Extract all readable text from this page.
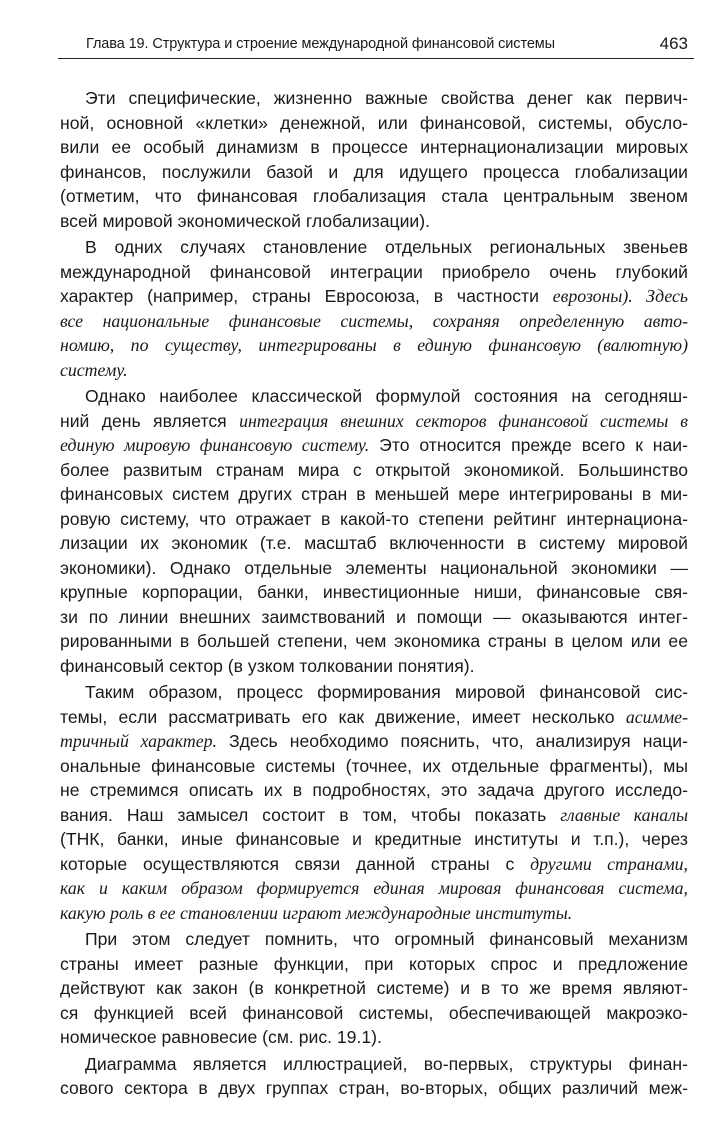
Глава 19. Структура и строение международной финансовой системы	463
Эти специфические, жизненно важные свойства денег как первич-
ной, основной «клетки» денежной, или финансовой, системы, обусло-
вили ее особый динамизм в процессе интернационализации мировых
финансов, послужили базой и для идущего процесса глобализации
(отметим, что финансовая глобализация стала центральным звеном
всей мировой экономической глобализации).
В одних случаях становление отдельных региональных звеньев
международной финансовой интеграции приобрело очень глубокий
характер (например, страны Евросоюза, в частности еврозоны). Здесь
все национальные финансовые системы, сохраняя определенную авто-
номию, по существу, интегрированы в единую финансовую (валютную)
систему.
Однако наиболее классической формулой состояния на сегодняш-
ний день является интеграция внешних секторов финансовой системы в
единую мировую финансовую систему. Это относится прежде всего к наи-
более развитым странам мира с открытой экономикой. Большинство
финансовых систем других стран в меньшей мере интегрированы в ми-
ровую систему, что отражает в какой-то степени рейтинг интернациона-
лизации их экономик (т.е. масштаб включенности в систему мировой
экономики). Однако отдельные элементы национальной экономики —
крупные корпорации, банки, инвестиционные ниши, финансовые свя-
зи по линии внешних заимствований и помощи — оказываются интег-
рированными в большей степени, чем экономика страны в целом или ее
финансовый сектор (в узком толковании понятия).
Таким образом, процесс формирования мировой финансовой сис-
темы, если рассматривать его как движение, имеет несколько асимме-
тричный характер. Здесь необходимо пояснить, что, анализируя наци-
ональные финансовые системы (точнее, их отдельные фрагменты), мы
не стремимся описать их в подробностях, это задача другого исследо-
вания. Наш замысел состоит в том, чтобы показать главные каналы
(ТНК, банки, иные финансовые и кредитные институты и т.п.), через
которые осуществляются связи данной страны с другими странами,
как и каким образом формируется единая мировая финансовая система,
какую роль в ее становлении играют международные институты.
При этом следует помнить, что огромный финансовый механизм
страны имеет разные функции, при которых спрос и предложение
действуют как закон (в конкретной системе) и в то же время являют-
ся функцией всей финансовой системы, обеспечивающей макроэко-
номическое равновесие (см. рис. 19.1).
Диаграмма является иллюстрацией, во-первых, структуры финан-
сового сектора в двух группах стран, во-вторых, общих различий меж-
